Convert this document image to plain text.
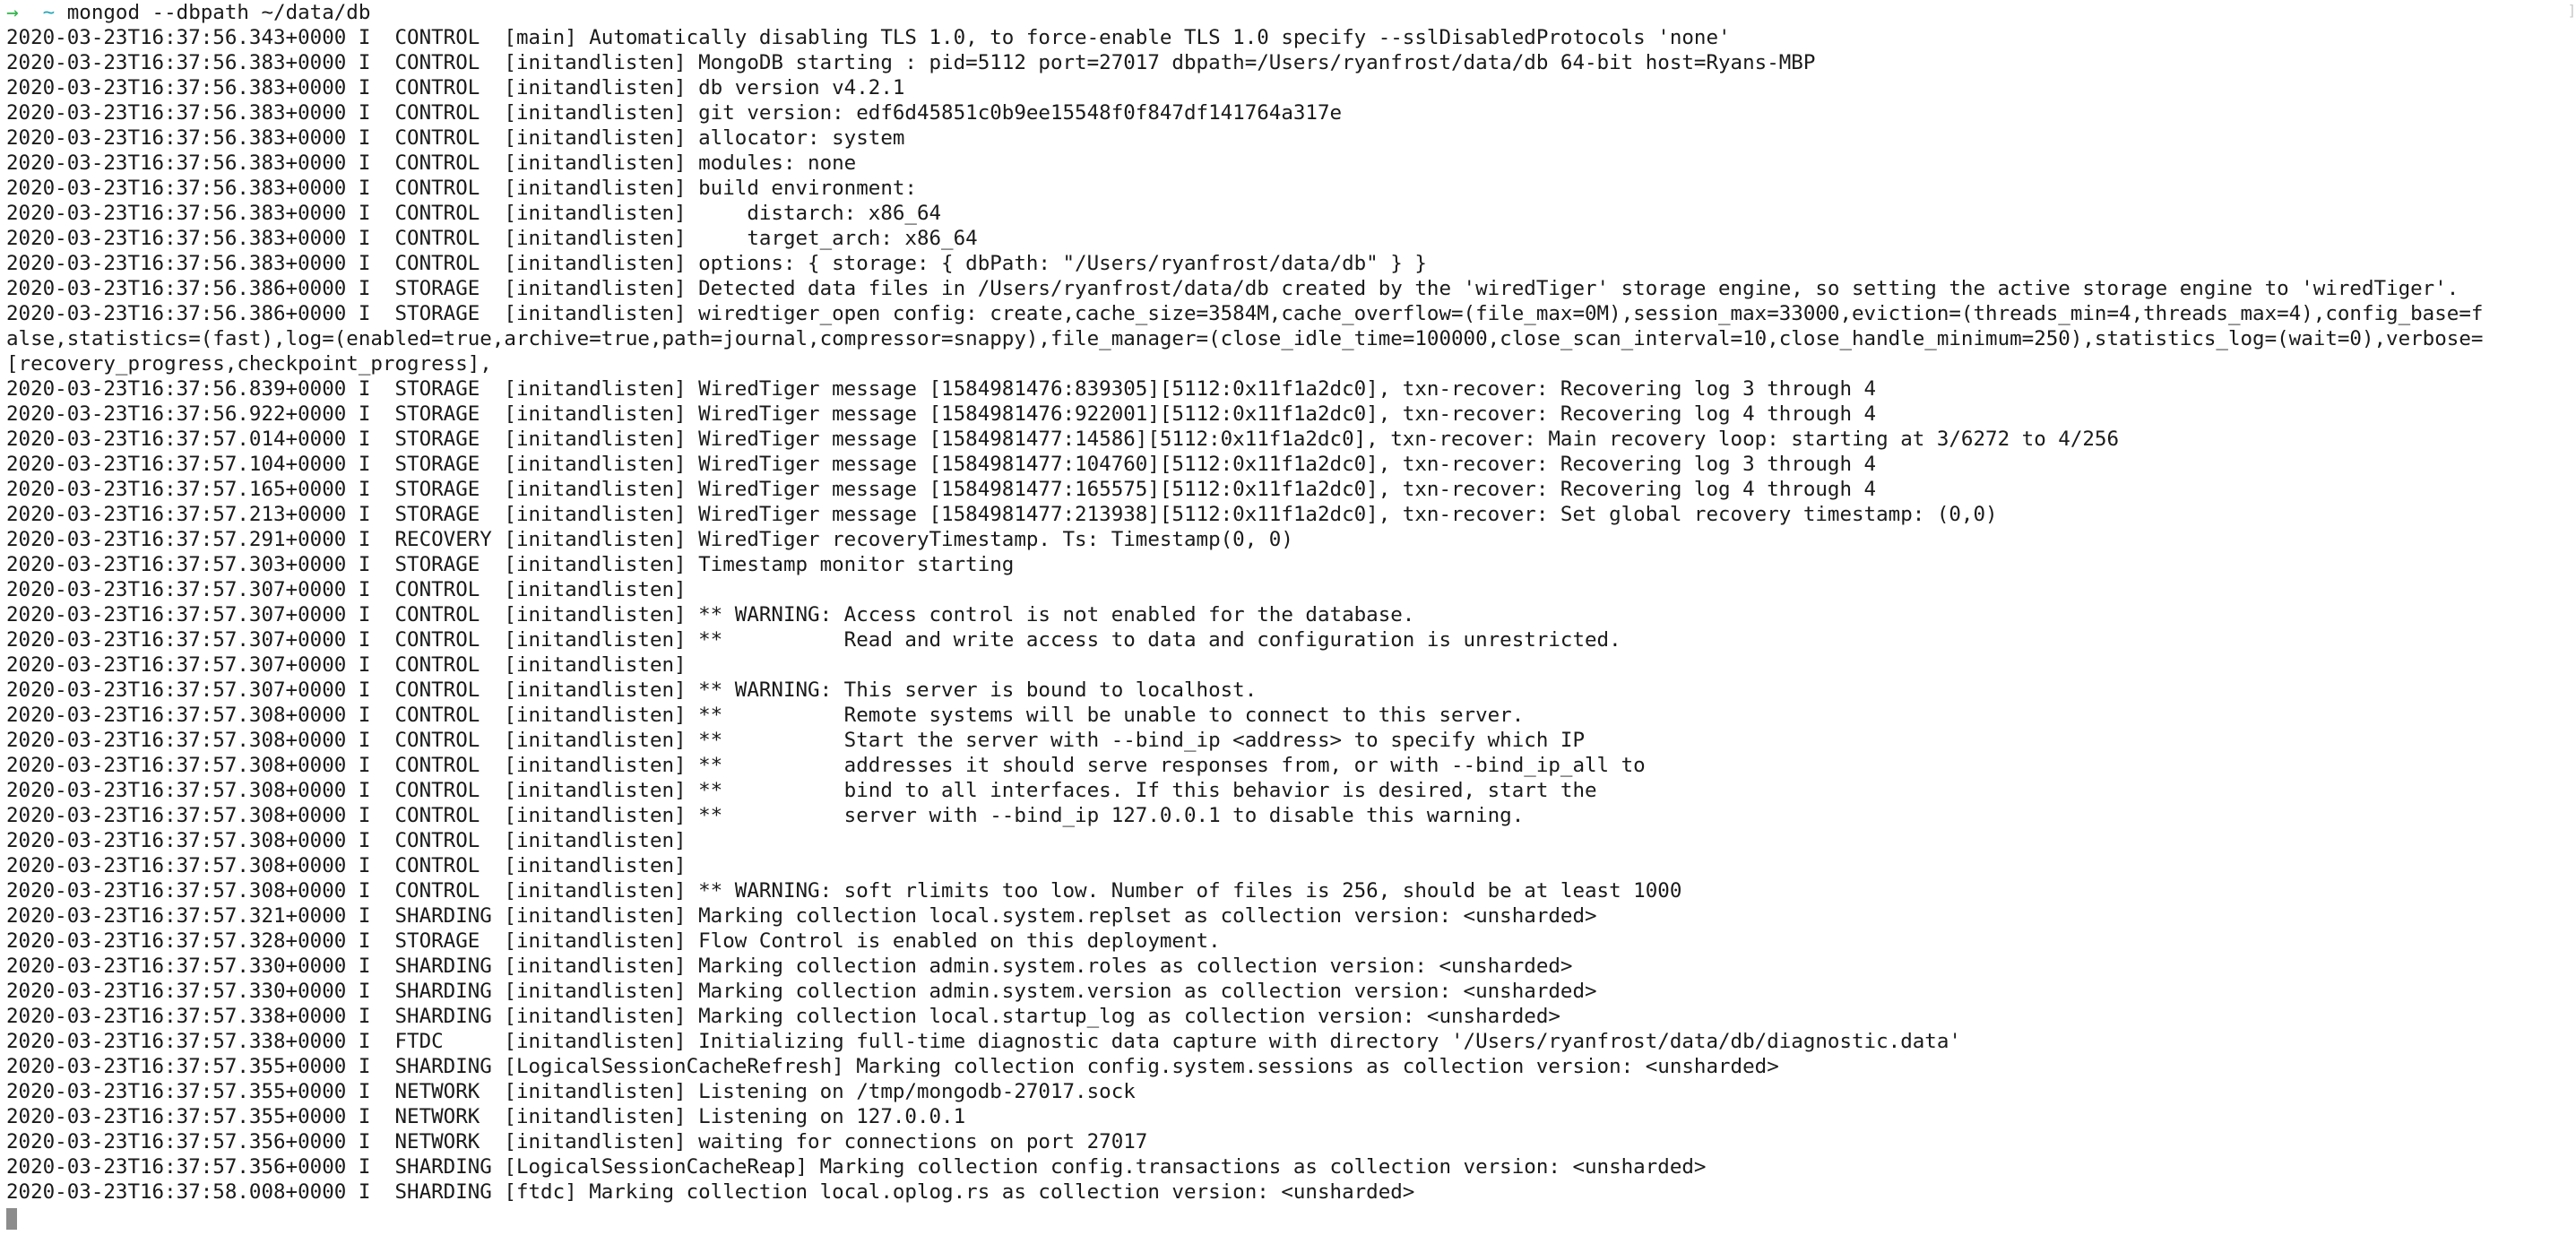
→ ~ mongod --dbpath ~/data/db
2020-03-23T16:37:56.343+0000 I  CONTROL  [main] Automatically disabling TLS 1.0, to force-enable TLS 1.0 specify --sslDisabledProtocols 'none'
2020-03-23T16:37:56.383+0000 I  CONTROL  [initandlisten] MongoDB starting : pid=5112 port=27017 dbpath=/Users/ryanfrost/data/db 64-bit host=Ryans-MBP
2020-03-23T16:37:56.383+0000 I  CONTROL  [initandlisten] db version v4.2.1
2020-03-23T16:37:56.383+0000 I  CONTROL  [initandlisten] git version: edf6d45851c0b9ee15548f0f847df141764a317e
2020-03-23T16:37:56.383+0000 I  CONTROL  [initandlisten] allocator: system
2020-03-23T16:37:56.383+0000 I  CONTROL  [initandlisten] modules: none
2020-03-23T16:37:56.383+0000 I  CONTROL  [initandlisten] build environment:
2020-03-23T16:37:56.383+0000 I  CONTROL  [initandlisten]     distarch: x86_64
2020-03-23T16:37:56.383+0000 I  CONTROL  [initandlisten]     target_arch: x86_64
2020-03-23T16:37:56.383+0000 I  CONTROL  [initandlisten] options: { storage: { dbPath: "/Users/ryanfrost/data/db" } }
2020-03-23T16:37:56.386+0000 I  STORAGE  [initandlisten] Detected data files in /Users/ryanfrost/data/db created by the 'wiredTiger' storage engine, so setting the active storage engine to 'wiredTiger'.
2020-03-23T16:37:56.386+0000 I  STORAGE  [initandlisten] wiredtiger_open config: create,cache_size=3584M,cache_overflow=(file_max=0M),session_max=33000,eviction=(threads_min=4,threads_max=4),config_base=f
alse,statistics=(fast),log=(enabled=true,archive=true,path=journal,compressor=snappy),file_manager=(close_idle_time=100000,close_scan_interval=10,close_handle_minimum=250),statistics_log=(wait=0),verbose=
[recovery_progress,checkpoint_progress],
2020-03-23T16:37:56.839+0000 I  STORAGE  [initandlisten] WiredTiger message [1584981476:839305][5112:0x11f1a2dc0], txn-recover: Recovering log 3 through 4
2020-03-23T16:37:56.922+0000 I  STORAGE  [initandlisten] WiredTiger message [1584981476:922001][5112:0x11f1a2dc0], txn-recover: Recovering log 4 through 4
2020-03-23T16:37:57.014+0000 I  STORAGE  [initandlisten] WiredTiger message [1584981477:14586][5112:0x11f1a2dc0], txn-recover: Main recovery loop: starting at 3/6272 to 4/256
2020-03-23T16:37:57.104+0000 I  STORAGE  [initandlisten] WiredTiger message [1584981477:104760][5112:0x11f1a2dc0], txn-recover: Recovering log 3 through 4
2020-03-23T16:37:57.165+0000 I  STORAGE  [initandlisten] WiredTiger message [1584981477:165575][5112:0x11f1a2dc0], txn-recover: Recovering log 4 through 4
2020-03-23T16:37:57.213+0000 I  STORAGE  [initandlisten] WiredTiger message [1584981477:213938][5112:0x11f1a2dc0], txn-recover: Set global recovery timestamp: (0,0)
2020-03-23T16:37:57.291+0000 I  RECOVERY [initandlisten] WiredTiger recoveryTimestamp. Ts: Timestamp(0, 0)
2020-03-23T16:37:57.303+0000 I  STORAGE  [initandlisten] Timestamp monitor starting
2020-03-23T16:37:57.307+0000 I  CONTROL  [initandlisten]
2020-03-23T16:37:57.307+0000 I  CONTROL  [initandlisten] ** WARNING: Access control is not enabled for the database.
2020-03-23T16:37:57.307+0000 I  CONTROL  [initandlisten] **          Read and write access to data and configuration is unrestricted.
2020-03-23T16:37:57.307+0000 I  CONTROL  [initandlisten]
2020-03-23T16:37:57.307+0000 I  CONTROL  [initandlisten] ** WARNING: This server is bound to localhost.
2020-03-23T16:37:57.308+0000 I  CONTROL  [initandlisten] **          Remote systems will be unable to connect to this server.
2020-03-23T16:37:57.308+0000 I  CONTROL  [initandlisten] **          Start the server with --bind_ip <address> to specify which IP
2020-03-23T16:37:57.308+0000 I  CONTROL  [initandlisten] **          addresses it should serve responses from, or with --bind_ip_all to
2020-03-23T16:37:57.308+0000 I  CONTROL  [initandlisten] **          bind to all interfaces. If this behavior is desired, start the
2020-03-23T16:37:57.308+0000 I  CONTROL  [initandlisten] **          server with --bind_ip 127.0.0.1 to disable this warning.
2020-03-23T16:37:57.308+0000 I  CONTROL  [initandlisten]
2020-03-23T16:37:57.308+0000 I  CONTROL  [initandlisten]
2020-03-23T16:37:57.308+0000 I  CONTROL  [initandlisten] ** WARNING: soft rlimits too low. Number of files is 256, should be at least 1000
2020-03-23T16:37:57.321+0000 I  SHARDING [initandlisten] Marking collection local.system.replset as collection version: <unsharded>
2020-03-23T16:37:57.328+0000 I  STORAGE  [initandlisten] Flow Control is enabled on this deployment.
2020-03-23T16:37:57.330+0000 I  SHARDING [initandlisten] Marking collection admin.system.roles as collection version: <unsharded>
2020-03-23T16:37:57.330+0000 I  SHARDING [initandlisten] Marking collection admin.system.version as collection version: <unsharded>
2020-03-23T16:37:57.338+0000 I  SHARDING [initandlisten] Marking collection local.startup_log as collection version: <unsharded>
2020-03-23T16:37:57.338+0000 I  FTDC     [initandlisten] Initializing full-time diagnostic data capture with directory '/Users/ryanfrost/data/db/diagnostic.data'
2020-03-23T16:37:57.355+0000 I  SHARDING [LogicalSessionCacheRefresh] Marking collection config.system.sessions as collection version: <unsharded>
2020-03-23T16:37:57.355+0000 I  NETWORK  [initandlisten] Listening on /tmp/mongodb-27017.sock
2020-03-23T16:37:57.355+0000 I  NETWORK  [initandlisten] Listening on 127.0.0.1
2020-03-23T16:37:57.356+0000 I  NETWORK  [initandlisten] waiting for connections on port 27017
2020-03-23T16:37:57.356+0000 I  SHARDING [LogicalSessionCacheReap] Marking collection config.transactions as collection version: <unsharded>
2020-03-23T16:37:58.008+0000 I  SHARDING [ftdc] Marking collection local.oplog.rs as collection version: <unsharded>
]
